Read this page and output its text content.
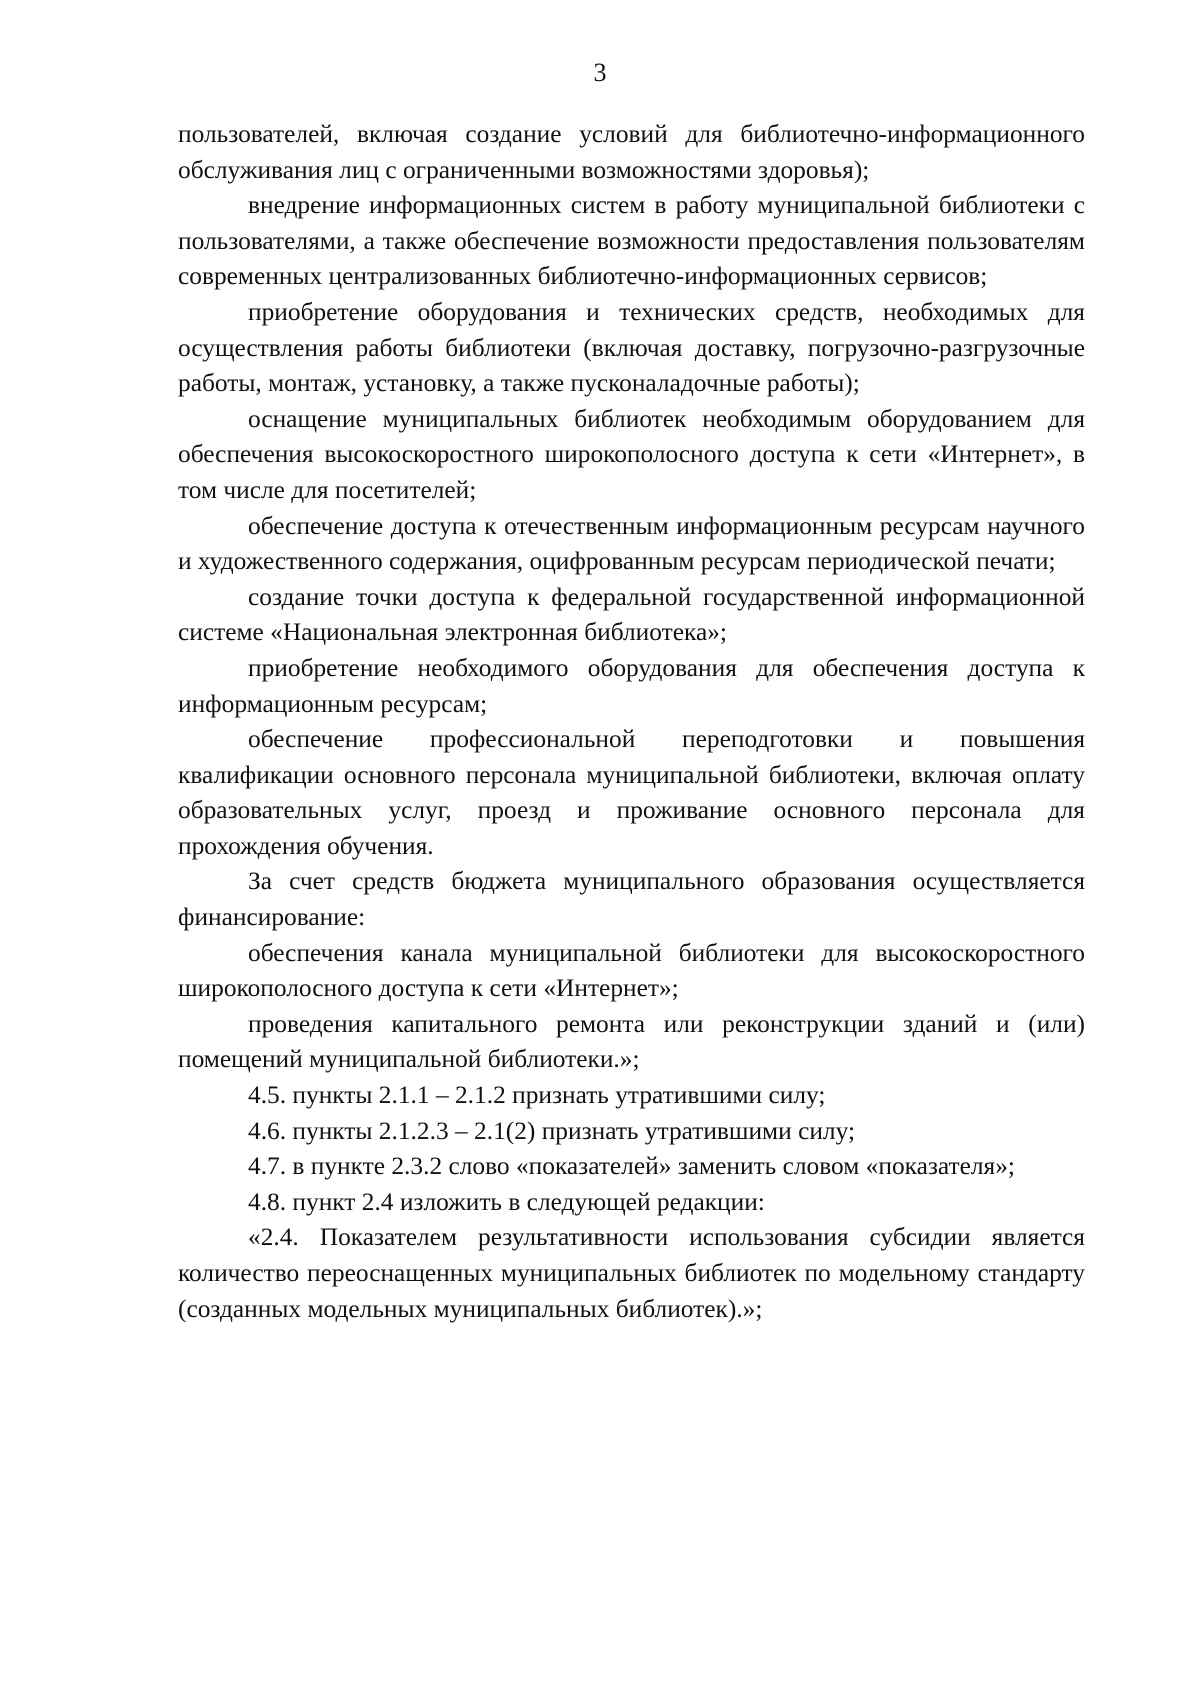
3

пользователей, включая создание условий для библиотечно-информационного обслуживания лиц с ограниченными возможностями здоровья);

внедрение информационных систем в работу муниципальной библиотеки с пользователями, а также обеспечение возможности предоставления пользователям современных централизованных библиотечно-информационных сервисов;

приобретение оборудования и технических средств, необходимых для осуществления работы библиотеки (включая доставку, погрузочно-разгрузочные работы, монтаж, установку, а также пусконаладочные работы);

оснащение муниципальных библиотек необходимым оборудованием для обеспечения высокоскоростного широкополосного доступа к сети «Интернет», в том числе для посетителей;

обеспечение доступа к отечественным информационным ресурсам научного и художественного содержания, оцифрованным ресурсам периодической печати;

создание точки доступа к федеральной государственной информационной системе «Национальная электронная библиотека»;

приобретение необходимого оборудования для обеспечения доступа к информационным ресурсам;

обеспечение профессиональной переподготовки и повышения квалификации основного персонала муниципальной библиотеки, включая оплату образовательных услуг, проезд и проживание основного персонала для прохождения обучения.

За счет средств бюджета муниципального образования осуществляется финансирование:

обеспечения канала муниципальной библиотеки для высокоскоростного широкополосного доступа к сети «Интернет»;

проведения капитального ремонта или реконструкции зданий и (или) помещений муниципальной библиотеки.»;

4.5. пункты 2.1.1 – 2.1.2 признать утратившими силу;

4.6. пункты 2.1.2.3 – 2.1(2) признать утратившими силу;

4.7. в пункте 2.3.2 слово «показателей» заменить словом «показателя»;

4.8. пункт 2.4 изложить в следующей редакции:

«2.4. Показателем результативности использования субсидии является количество переоснащенных муниципальных библиотек по модельному стандарту (созданных модельных муниципальных библиотек).»;
